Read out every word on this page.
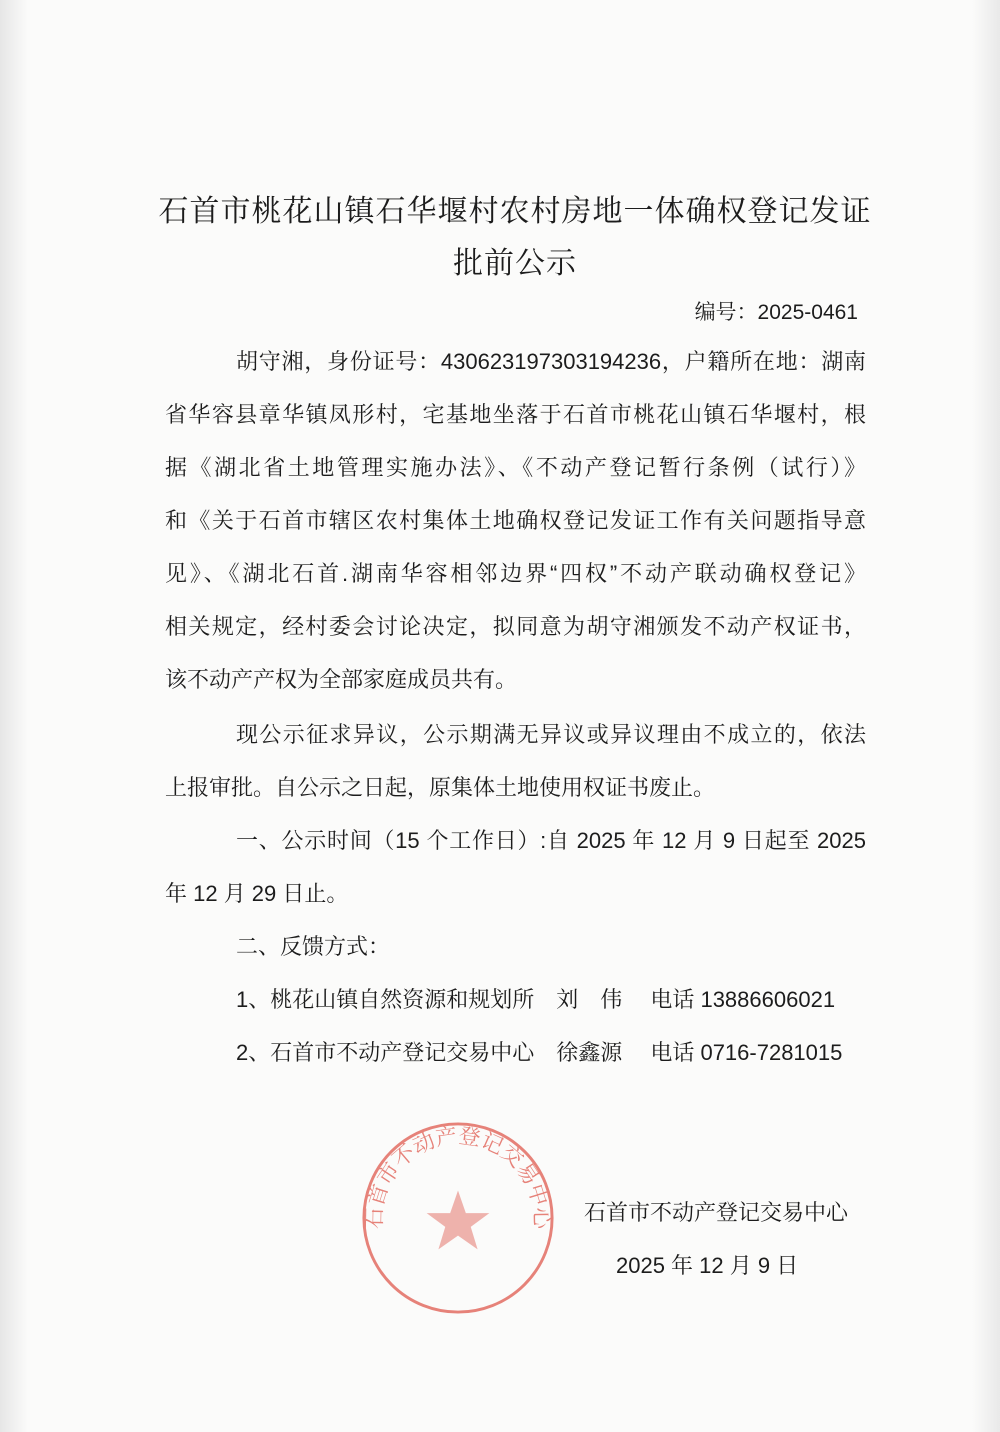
石首市桃花山镇石华堰村农村房地一体确权登记发证
批前公示
编号：2025-0461
胡守湘，身份证号：430623197303194236，户籍所在地：湖南
省华容县章华镇凤形村，宅基地坐落于石首市桃花山镇石华堰村，根
据《湖北省土地管理实施办法》、《不动产登记暂行条例（试行）》
和《关于石首市辖区农村集体土地确权登记发证工作有关问题指导意
见》、《湖北石首.湖南华容相邻边界“四权”不动产联动确权登记》
相关规定，经村委会讨论决定，拟同意为胡守湘颁发不动产权证书，
该不动产产权为全部家庭成员共有。
现公示征求异议，公示期满无异议或异议理由不成立的，依法
上报审批。自公示之日起，原集体土地使用权证书废止。
一、公示时间（15 个工作日）:自 2025 年 12 月 9 日起至 2025
年 12 月 29 日止。
二、反馈方式：
1、桃花山镇自然资源和规划所　刘　伟　 电话 13886606021
2、石首市不动产登记交易中心　徐鑫源　 电话 0716-7281015
石首市不动产登记交易中心 石首市不动产登记交易中心
2025 年 12 月 9 日
